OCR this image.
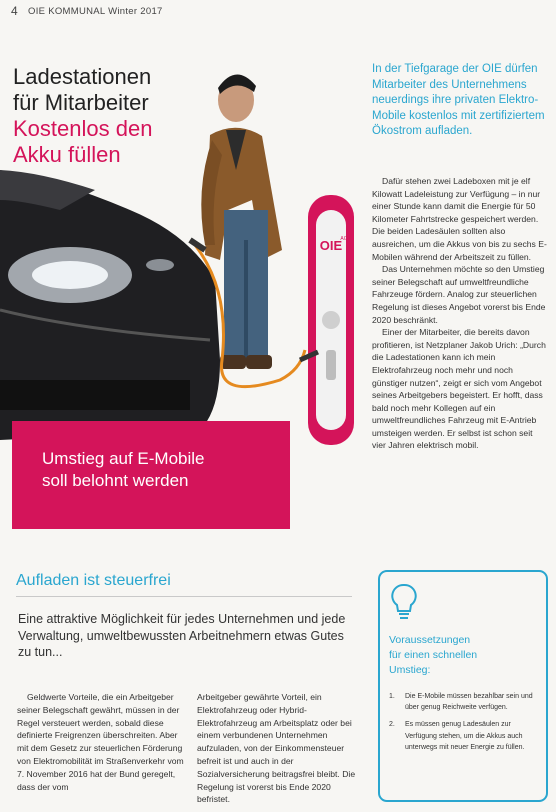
4 OIE KOMMUNAL Winter 2017
OIE
AG
Ladestationen
für Mitarbeiter
Kostenlos den
Akku füllen
In der Tiefgarage der OIE dürfen Mitarbeiter des Unternehmens neuerdings ihre privaten Elektro-Mobile kostenlos mit zertifiziertem Ökostrom aufladen.

Dafür stehen zwei Ladeboxen mit je elf Kilowatt Ladeleistung zur Verfügung – in nur einer Stunde kann damit die Energie für 50 Kilometer Fahrtstrecke gespeichert werden. Die beiden Ladesäulen sollten also ausreichen, um die Akkus von bis zu sechs E-Mobilen während der Arbeitszeit zu füllen.

Das Unternehmen möchte so den Umstieg seiner Belegschaft auf umweltfreundliche Fahrzeuge fördern. Analog zur steuerlichen Regelung ist dieses Angebot vorerst bis Ende 2020 beschränkt.

Einer der Mitarbeiter, die bereits davon profitieren, ist Netzplaner Jakob Urich: „Durch die Ladestationen kann ich mein Elektrofahrzeug noch mehr und noch günstiger nutzen“, zeigt er sich vom Angebot seines Arbeitgebers begeistert. Er hofft, dass bald noch mehr Kollegen auf ein umweltfreundliches Fahrzeug mit E-Antrieb umsteigen werden. Er selbst ist schon seit vier Jahren elektrisch mobil.

Umstieg auf E-Mobile
soll belohnt werden
Aufladen ist steuerfrei
Eine attraktive Möglichkeit für jedes Unternehmen und jede Verwaltung, umweltbewussten Arbeitnehmern etwas Gutes zu tun...
Geldwerte Vorteile, die ein Arbeitgeber seiner Belegschaft gewährt, müssen in der Regel versteuert werden, sobald diese definierte Freigrenzen überschreiten. Aber mit dem Gesetz zur steuerlichen Förderung von Elektromobilität im Straßenverkehr vom 7. November 2016 hat der Bund geregelt, dass der vom
Arbeitgeber gewährte Vorteil, ein Elektrofahrzeug oder Hybrid-Elektrofahrzeug am Arbeitsplatz oder bei einem verbundenen Unternehmen aufzuladen, von der Einkommensteuer befreit ist und auch in der Sozialversicherung beitragsfrei bleibt. Die Regelung ist vorerst bis Ende 2020 befristet.
Voraussetzungen
für einen schnellen
Umstieg:
1. Die E-Mobile müssen bezahlbar sein und über genug Reichweite verfügen.
2. Es müssen genug Ladesäulen zur Verfügung stehen, um die Akkus auch unterwegs mit neuer Energie zu füllen.
